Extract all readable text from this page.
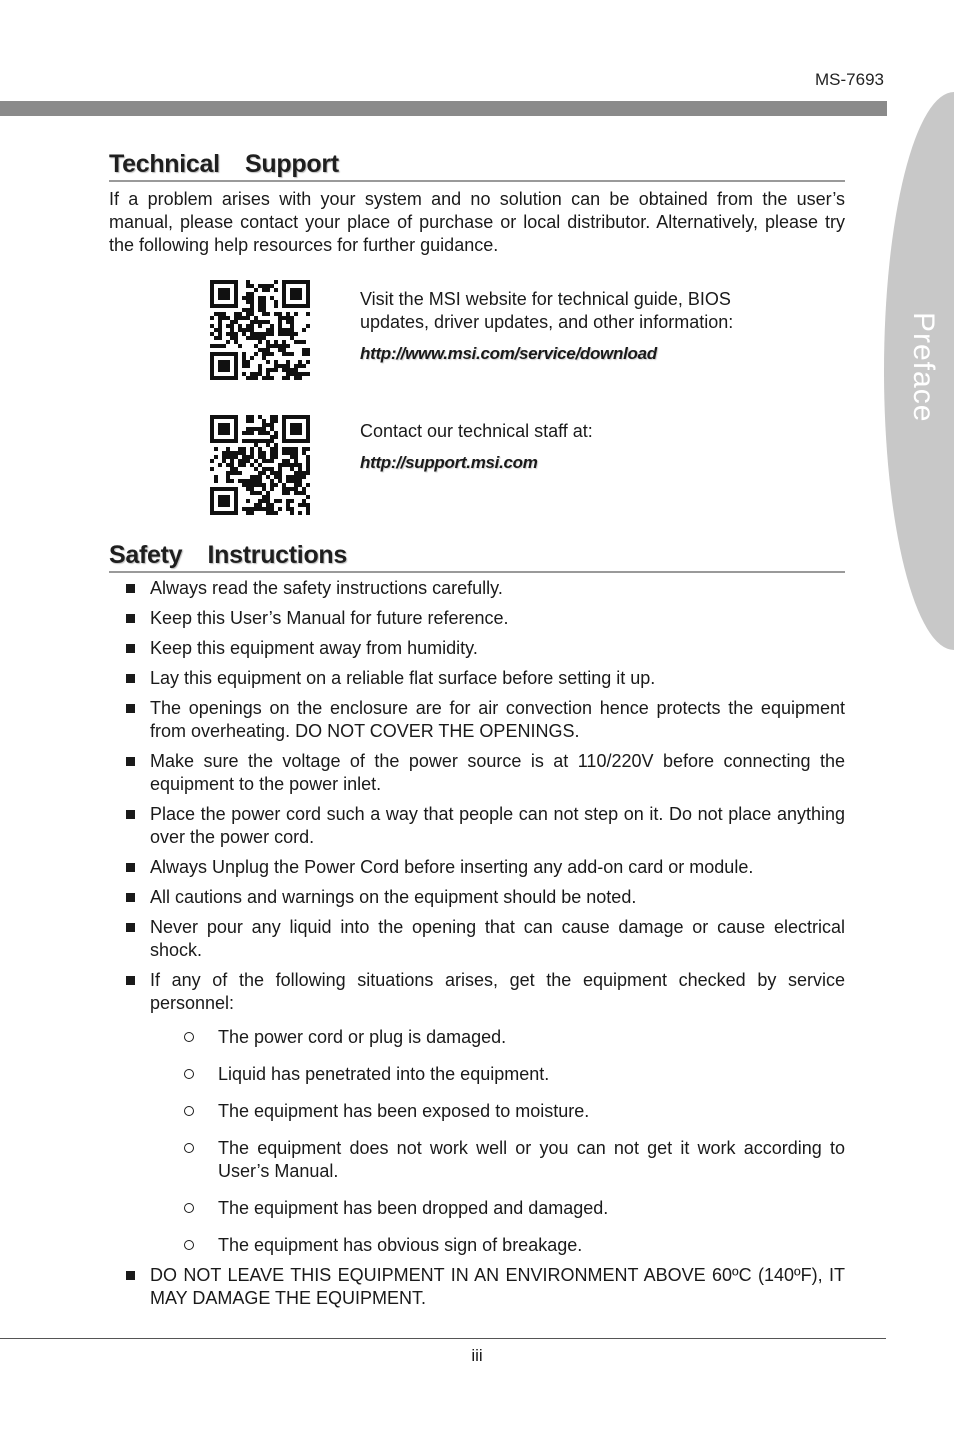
MS-7693
Preface
Technical  Support

If a problem arises with your system and no solution can be obtained from the user’s manual, please contact your place of purchase or local distributor. Alternatively, please try the following help resources for further guidance.

Visit the MSI website for technical guide, BIOS updates, driver updates, and other information:
http://www.msi.com/service/download
Contact our technical staff at:
http://support.msi.com
Safety  Instructions
Always read the safety instructions carefully.
Keep this User’s Manual for future reference.
Keep this equipment away from humidity.
Lay this equipment on a reliable flat surface before setting it up.
The openings on the enclosure are for air convection hence protects the equipment from overheating. DO NOT COVER THE OPENINGS.
Make sure the voltage of the power source is at 110/220V before connecting the equipment to the power inlet.
Place the power cord such a way that people can not step on it. Do not place anything over the power cord.
Always Unplug the Power Cord before inserting any add-on card or module.
All cautions and warnings on the equipment should be noted.
Never pour any liquid into the opening that can cause damage or cause electrical shock.
If any of the following situations arises, get the equipment checked by service personnel:
The power cord or plug is damaged.
Liquid has penetrated into the equipment.
The equipment has been exposed to moisture.
The equipment does not work well or you can not get it work according to User’s Manual.
The equipment has been dropped and damaged.
The equipment has obvious sign of breakage.
DO NOT LEAVE THIS EQUIPMENT IN AN ENVIRONMENT ABOVE 60ºC (140ºF), IT MAY DAMAGE THE EQUIPMENT.
iii
